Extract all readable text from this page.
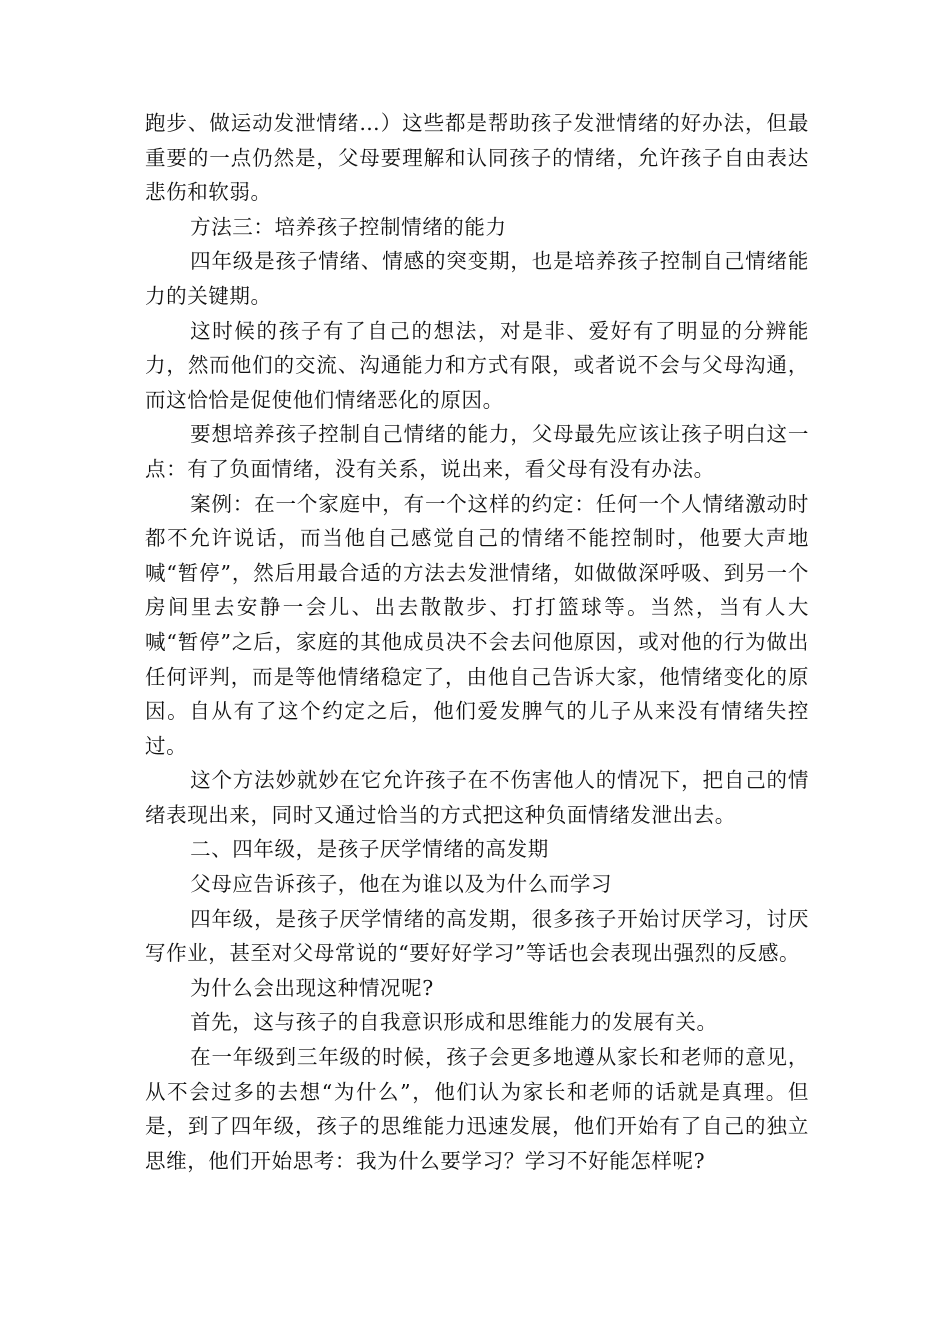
跑步、做运动发泄情绪…）这些都是帮助孩子发泄情绪的好办法，但最重要的一点仍然是，父母要理解和认同孩子的情绪，允许孩子自由表达悲伤和软弱。

方法三：培养孩子控制情绪的能力

四年级是孩子情绪、情感的突变期，也是培养孩子控制自己情绪能力的关键期。

这时候的孩子有了自己的想法，对是非、爱好有了明显的分辨能力，然而他们的交流、沟通能力和方式有限，或者说不会与父母沟通，而这恰恰是促使他们情绪恶化的原因。

要想培养孩子控制自己情绪的能力，父母最先应该让孩子明白这一点：有了负面情绪，没有关系，说出来，看父母有没有办法。

案例：在一个家庭中，有一个这样的约定：任何一个人情绪激动时都不允许说话，而当他自己感觉自己的情绪不能控制时，他要大声地喊“暂停”，然后用最合适的方法去发泄情绪，如做做深呼吸、到另一个房间里去安静一会儿、出去散散步、打打篮球等。当然，当有人大喊“暂停”之后，家庭的其他成员决不会去问他原因，或对他的行为做出任何评判，而是等他情绪稳定了，由他自己告诉大家，他情绪变化的原因。自从有了这个约定之后，他们爱发脾气的儿子从来没有情绪失控过。

这个方法妙就妙在它允许孩子在不伤害他人的情况下，把自己的情绪表现出来，同时又通过恰当的方式把这种负面情绪发泄出去。

二、四年级，是孩子厌学情绪的高发期

父母应告诉孩子，他在为谁以及为什么而学习

四年级，是孩子厌学情绪的高发期，很多孩子开始讨厌学习，讨厌写作业，甚至对父母常说的“要好好学习”等话也会表现出强烈的反感。

为什么会出现这种情况呢?

首先，这与孩子的自我意识形成和思维能力的发展有关。

在一年级到三年级的时候，孩子会更多地遵从家长和老师的意见，从不会过多的去想“为什么”，他们认为家长和老师的话就是真理。但是，到了四年级，孩子的思维能力迅速发展，他们开始有了自己的独立思维，他们开始思考：我为什么要学习？学习不好能怎样呢?
